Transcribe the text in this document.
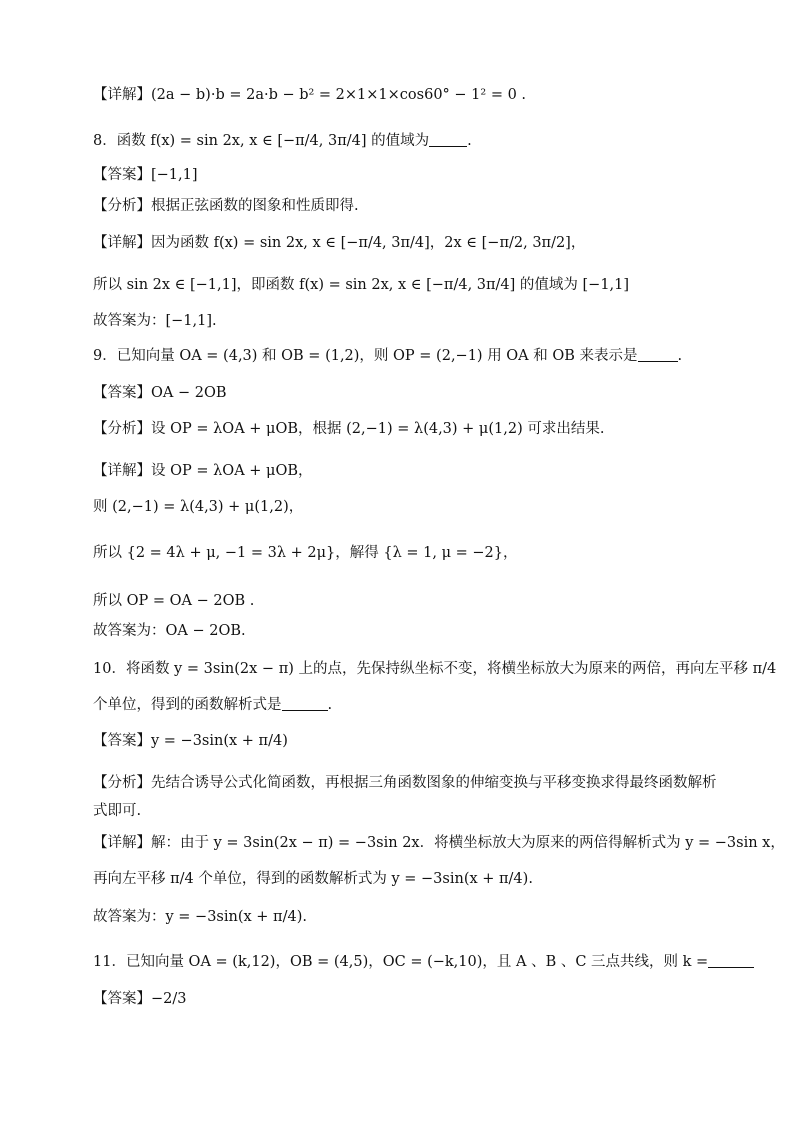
【详解】(2a − b)·b = 2a·b − b² = 2×1×1×cos60° − 1² = 0 .
8．函数 f(x) = sin 2x, x ∈ [−π/4, 3π/4] 的值域为	.
【答案】[−1,1]
【分析】根据正弦函数的图象和性质即得.
【详解】因为函数 f(x) = sin 2x, x ∈ [−π/4, 3π/4]，2x ∈ [−π/2, 3π/2]，
所以 sin 2x ∈ [−1,1]，即函数 f(x) = sin 2x, x ∈ [−π/4, 3π/4] 的值域为 [−1,1]
故答案为：[−1,1].
9．已知向量 OA = (4,3) 和 OB = (1,2)，则 OP = (2,−1) 用 OA 和 OB 来表示是	.
【答案】OA − 2OB
【分析】设 OP = λOA + μOB，根据 (2,−1) = λ(4,3) + μ(1,2) 可求出结果.
【详解】设 OP = λOA + μOB，
则 (2,−1) = λ(4,3) + μ(1,2)，
所以 {2 = 4λ + μ, −1 = 3λ + 2μ}，解得 {λ = 1, μ = −2}，
所以 OP = OA − 2OB .
故答案为：OA − 2OB.
10．将函数 y = 3sin(2x − π) 上的点，先保持纵坐标不变，将横坐标放大为原来的两倍，再向左平移 π/4
个单位，得到的函数解析式是	.
【答案】y = −3sin(x + π/4)
【分析】先结合诱导公式化简函数，再根据三角函数图象的伸缩变换与平移变换求得最终函数解析
式即可.
【详解】解：由于 y = 3sin(2x − π) = −3sin 2x．将横坐标放大为原来的两倍得解析式为 y = −3sin x，
再向左平移 π/4 个单位，得到的函数解析式为 y = −3sin(x + π/4).
故答案为：y = −3sin(x + π/4).
11．已知向量 OA = (k,12)，OB = (4,5)，OC = (−k,10)，且 A 、B 、C 三点共线，则 k =
【答案】−2/3
